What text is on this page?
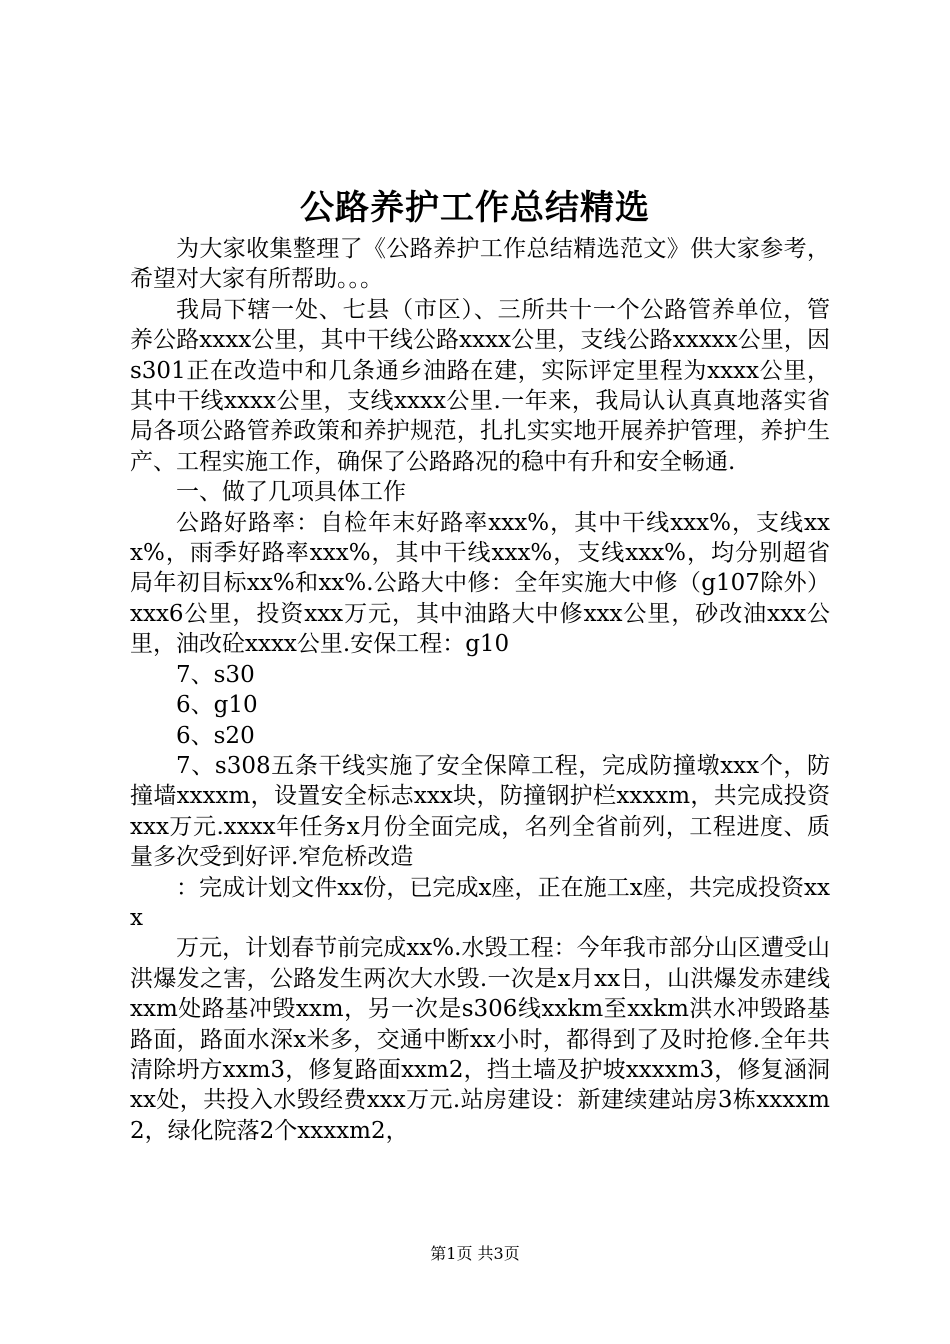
公路养护工作总结精选

为大家收集整理了《公路养护工作总结精选范文》供大家参考，希望对大家有所帮助。。。

我局下辖一处、七县（市区）、三所共十一个公路管养单位，管养公路xxxx公里，其中干线公路xxxx公里，支线公路xxxxx公里，因s301正在改造中和几条通乡油路在建，实际评定里程为xxxx公里，其中干线xxxx公里，支线xxxx公里.一年来，我局认认真真地落实省局各项公路管养政策和养护规范，扎扎实实地开展养护管理，养护生产、工程实施工作，确保了公路路况的稳中有升和安全畅通.

一、做了几项具体工作

公路好路率：自检年末好路率xxx%，其中干线xxx%，支线xxx%，雨季好路率xxx%，其中干线xxx%，支线xxx%，均分别超省局年初目标xx%和xx%.公路大中修：全年实施大中修（g107除外）xxx6公里，投资xxx万元，其中油路大中修xxx公里，砂改油xxx公里，油改砼xxxx公里.安保工程：g10

7、s30

6、g10

6、s20

7、s308五条干线实施了安全保障工程，完成防撞墩xxx个，防撞墙xxxxm，设置安全标志xxx块，防撞钢护栏xxxxm，共完成投资xxx万元.xxxx年任务x月份全面完成，名列全省前列，工程进度、质量多次受到好评.窄危桥改造

：完成计划文件xx份，已完成x座，正在施工x座，共完成投资xxx

万元，计划春节前完成xx%.水毁工程：今年我市部分山区遭受山洪爆发之害，公路发生两次大水毁.一次是x月xx日，山洪爆发赤建线xxm处路基冲毁xxm，另一次是s306线xxkm至xxkm洪水冲毁路基路面，路面水深x米多，交通中断xx小时，都得到了及时抢修.全年共清除坍方xxm3，修复路面xxm2，挡土墙及护坡xxxxm3，修复涵洞xx处，共投入水毁经费xxx万元.站房建设：新建续建站房3栋xxxxm2，绿化院落2个xxxxm2，

第1页 共3页
